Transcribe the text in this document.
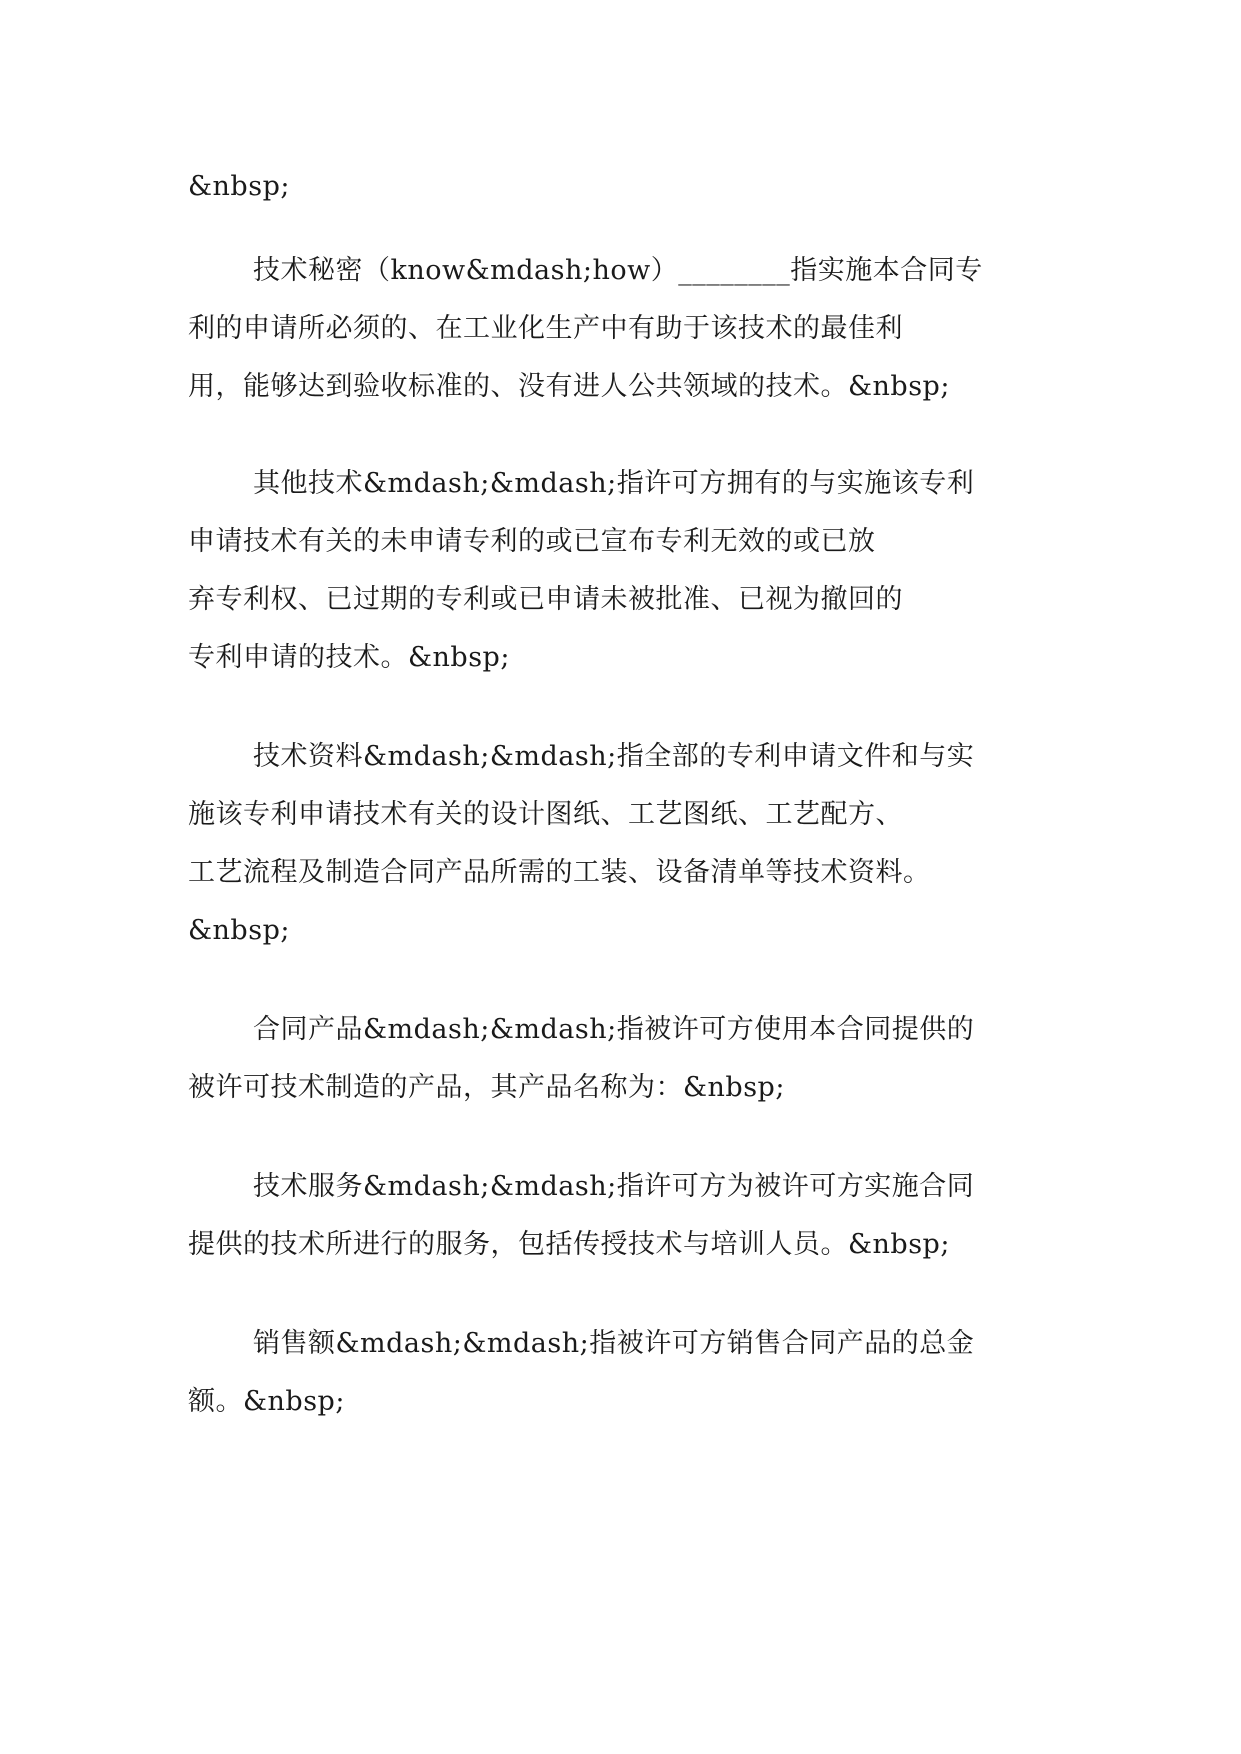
&nbsp;

技术秘密（know&mdash;how）________指实施本合同专

利的申请所必须的、在工业化生产中有助于该技术的最佳利

用，能够达到验收标准的、没有进人公共领域的技术。&nbsp;

其他技术&mdash;&mdash;指许可方拥有的与实施该专利

申请技术有关的未申请专利的或已宣布专利无效的或已放

弃专利权、已过期的专利或已申请未被批准、已视为撤回的

专利申请的技术。&nbsp;

技术资料&mdash;&mdash;指全部的专利申请文件和与实

施该专利申请技术有关的设计图纸、工艺图纸、工艺配方、

工艺流程及制造合同产品所需的工装、设备清单等技术资料。

&nbsp;

合同产品&mdash;&mdash;指被许可方使用本合同提供的

被许可技术制造的产品，其产品名称为：&nbsp;

技术服务&mdash;&mdash;指许可方为被许可方实施合同

提供的技术所进行的服务，包括传授技术与培训人员。&nbsp;

销售额&mdash;&mdash;指被许可方销售合同产品的总金

额。&nbsp;
